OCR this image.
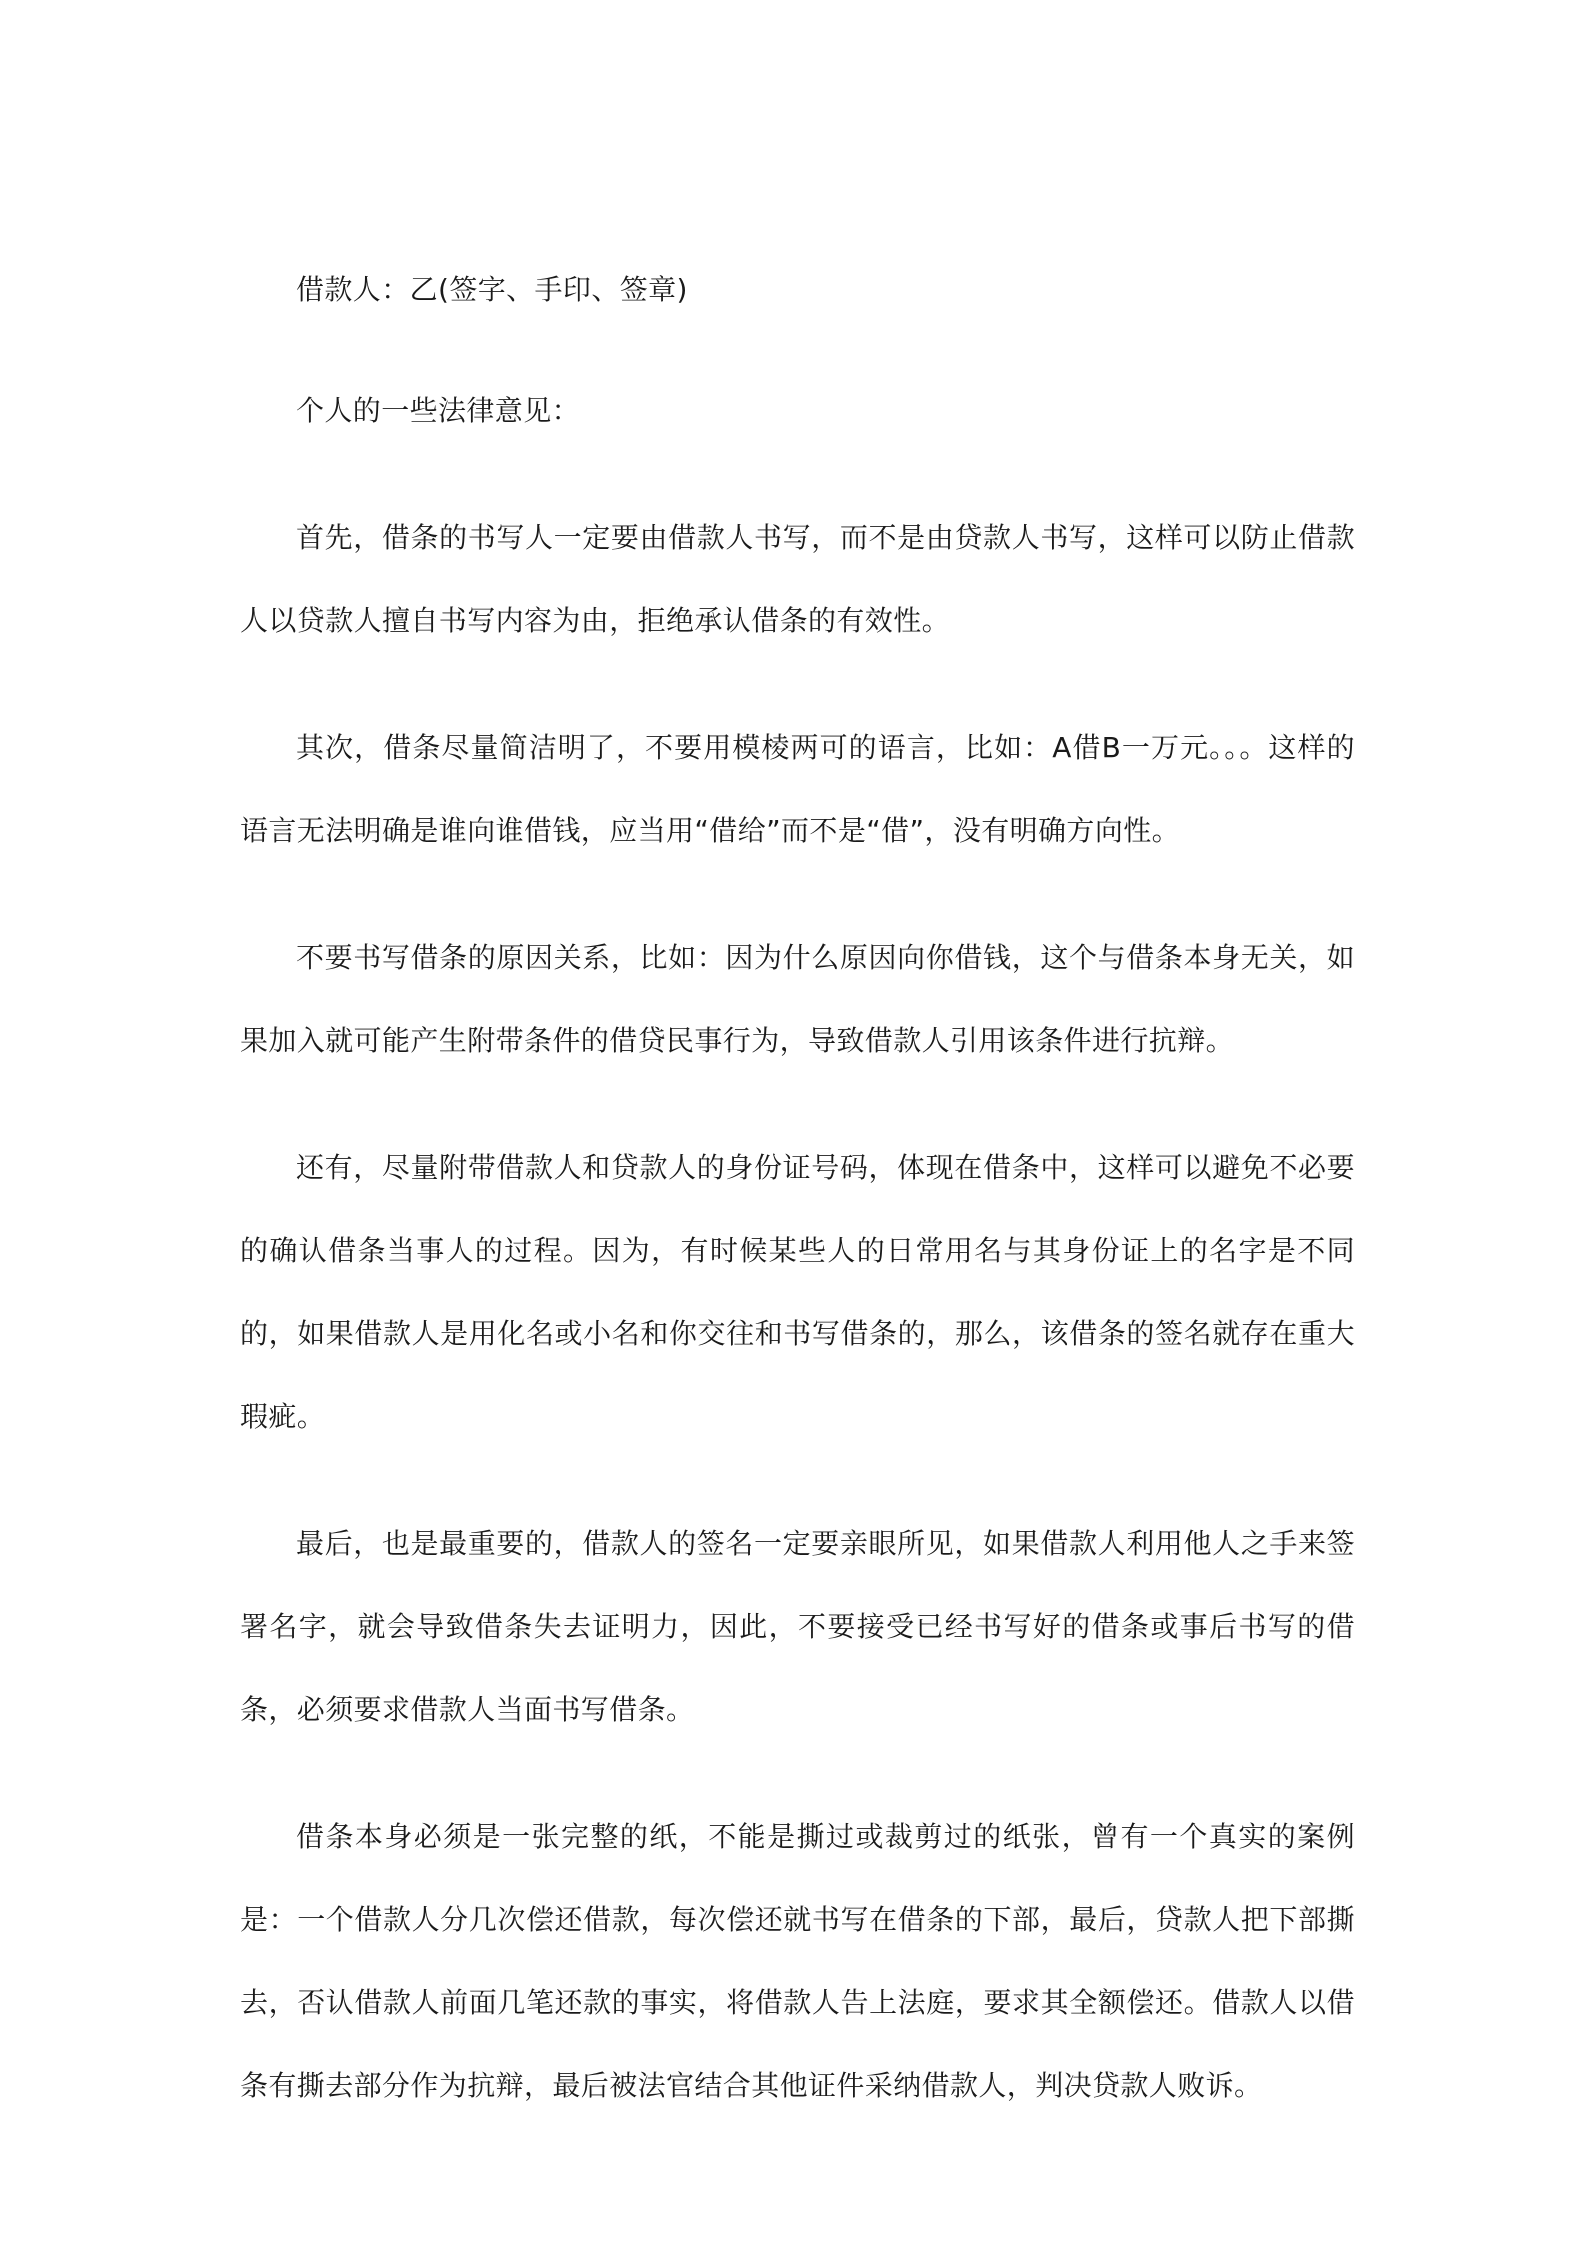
借款人：乙(签字、手印、签章)

个人的一些法律意见：

首先，借条的书写人一定要由借款人书写，而不是由贷款人书写，这样可以防止借款人以贷款人擅自书写内容为由，拒绝承认借条的有效性。

其次，借条尽量简洁明了，不要用模棱两可的语言，比如：A借B一万元。。。这样的语言无法明确是谁向谁借钱，应当用“借给”而不是“借”，没有明确方向性。

不要书写借条的原因关系，比如：因为什么原因向你借钱，这个与借条本身无关，如果加入就可能产生附带条件的借贷民事行为，导致借款人引用该条件进行抗辩。

还有，尽量附带借款人和贷款人的身份证号码，体现在借条中，这样可以避免不必要的确认借条当事人的过程。因为，有时候某些人的日常用名与其身份证上的名字是不同的，如果借款人是用化名或小名和你交往和书写借条的，那么，该借条的签名就存在重大瑕疵。

最后，也是最重要的，借款人的签名一定要亲眼所见，如果借款人利用他人之手来签署名字，就会导致借条失去证明力，因此，不要接受已经书写好的借条或事后书写的借条，必须要求借款人当面书写借条。

借条本身必须是一张完整的纸，不能是撕过或裁剪过的纸张，曾有一个真实的案例是：一个借款人分几次偿还借款，每次偿还就书写在借条的下部，最后，贷款人把下部撕去，否认借款人前面几笔还款的事实，将借款人告上法庭，要求其全额偿还。借款人以借条有撕去部分作为抗辩，最后被法官结合其他证件采纳借款人，判决贷款人败诉。
